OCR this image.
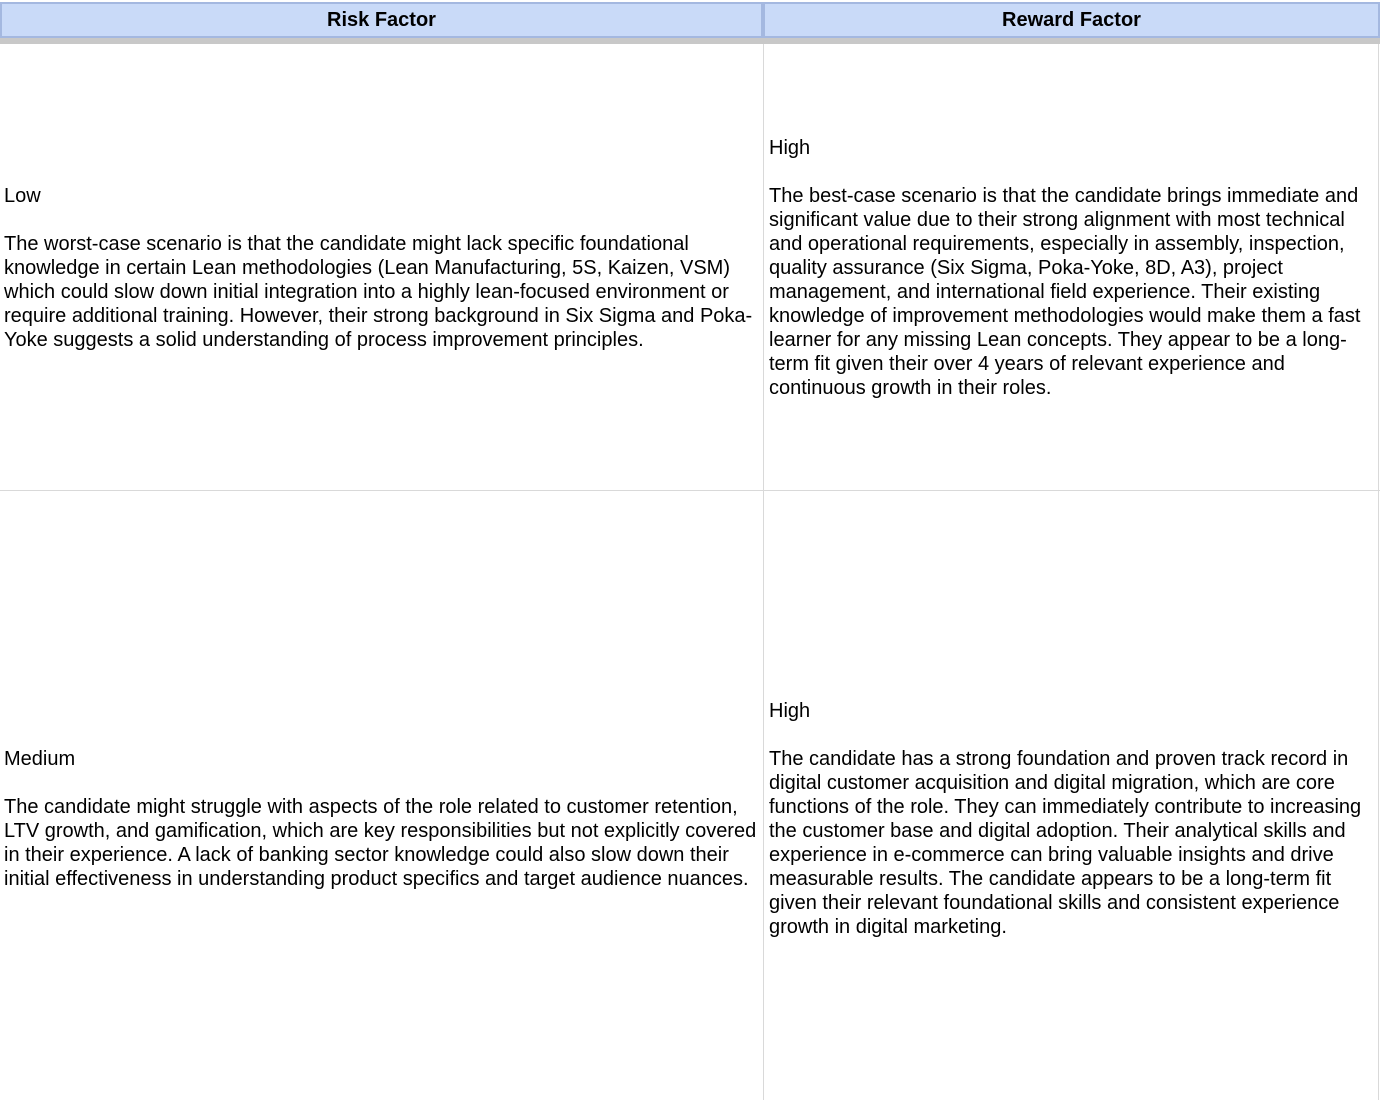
Risk Factor	Reward Factor
Low
The worst-case scenario is that the candidate might lack specific foundational knowledge in certain Lean methodologies (Lean Manufacturing, 5S, Kaizen, VSM) which could slow down initial integration into a highly lean-focused environment or require additional training. However, their strong background in Six Sigma and Poka-Yoke suggests a solid understanding of process improvement principles.
High
The best-case scenario is that the candidate brings immediate and significant value due to their strong alignment with most technical and operational requirements, especially in assembly, inspection, quality assurance (Six Sigma, Poka-Yoke, 8D, A3), project management, and international field experience. Their existing knowledge of improvement methodologies would make them a fast learner for any missing Lean concepts. They appear to be a long-term fit given their over 4 years of relevant experience and continuous growth in their roles.
Medium
The candidate might struggle with aspects of the role related to customer retention, LTV growth, and gamification, which are key responsibilities but not explicitly covered in their experience. A lack of banking sector knowledge could also slow down their initial effectiveness in understanding product specifics and target audience nuances.
High
The candidate has a strong foundation and proven track record in digital customer acquisition and digital migration, which are core functions of the role. They can immediately contribute to increasing the customer base and digital adoption. Their analytical skills and experience in e-commerce can bring valuable insights and drive measurable results. The candidate appears to be a long-term fit given their relevant foundational skills and consistent experience growth in digital marketing.
